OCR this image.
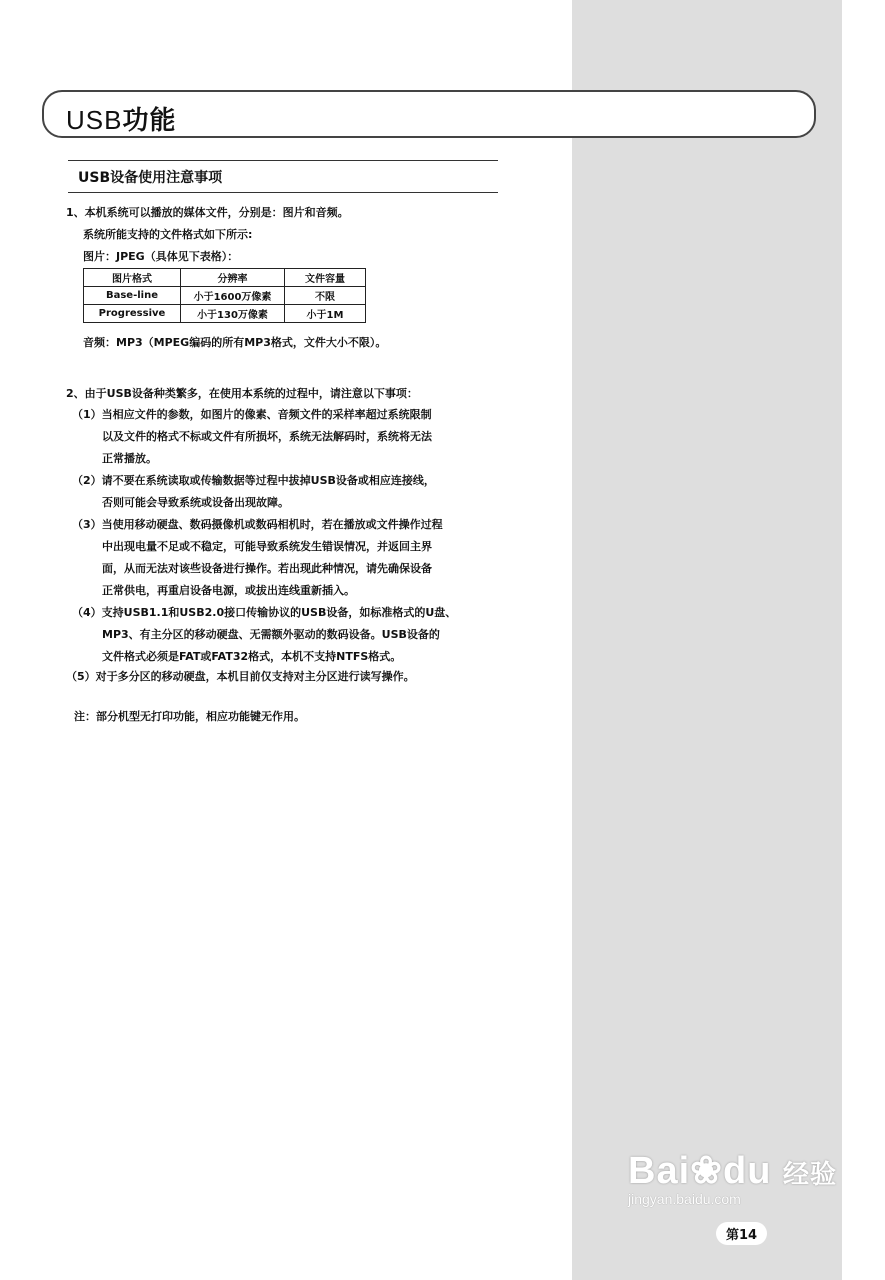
USB功能
USB设备使用注意事项
1、本机系统可以播放的媒体文件，分别是：图片和音频。
系统所能支持的文件格式如下所示:
图片：JPEG（具体见下表格）：
图片格式	分辨率	文件容量
Base-line	小于1600万像素	不限
Progressive	小于130万像素	小于1M
音频：MP3（MPEG编码的所有MP3格式，文件大小不限）。
2、由于USB设备种类繁多，在使用本系统的过程中，请注意以下事项：
（1）当相应文件的参数，如图片的像素、音频文件的采样率超过系统限制
以及文件的格式不标或文件有所损坏，系统无法解码时，系统将无法
正常播放。
（2）请不要在系统读取或传输数据等过程中拔掉USB设备或相应连接线，
否则可能会导致系统或设备出现故障。
（3）当使用移动硬盘、数码摄像机或数码相机时，若在播放或文件操作过程
中出现电量不足或不稳定，可能导致系统发生错误情况，并返回主界
面，从而无法对该些设备进行操作。若出现此种情况，请先确保设备
正常供电，再重启设备电源，或拔出连线重新插入。
（4）支持USB1.1和USB2.0接口传输协议的USB设备，如标准格式的U盘、
MP3、有主分区的移动硬盘、无需额外驱动的数码设备。USB设备的
文件格式必须是FAT或FAT32格式，本机不支持NTFS格式。
（5）对于多分区的移动硬盘，本机目前仅支持对主分区进行读写操作。
注：部分机型无打印功能，相应功能键无作用。
Bai❀du 经验
jingyan.baidu.com
第14
